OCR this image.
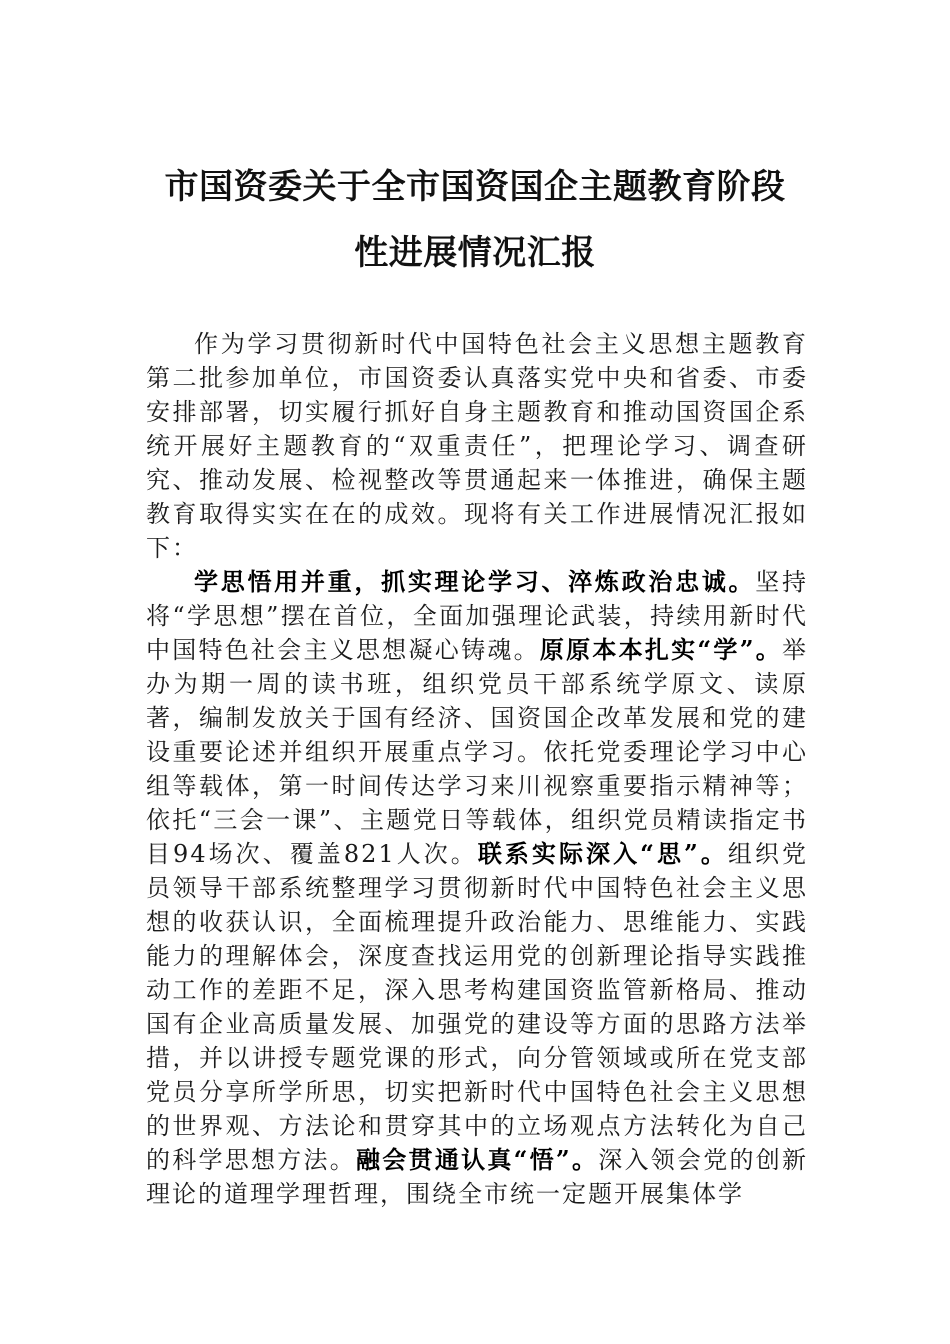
市国资委关于全市国资国企主题教育阶段
性进展情况汇报

作为学习贯彻新时代中国特色社会主义思想主题教育第二批参加单位，市国资委认真落实党中央和省委、市委安排部署，切实履行抓好自身主题教育和推动国资国企系统开展好主题教育的“双重责任”，把理论学习、调查研究、推动发展、检视整改等贯通起来一体推进，确保主题教育取得实实在在的成效。现将有关工作进展情况汇报如下：

学思悟用并重，抓实理论学习、淬炼政治忠诚。坚持将“学思想”摆在首位，全面加强理论武装，持续用新时代中国特色社会主义思想凝心铸魂。原原本本扎实“学”。举办为期一周的读书班，组织党员干部系统学原文、读原著，编制发放关于国有经济、国资国企改革发展和党的建设重要论述并组织开展重点学习。依托党委理论学习中心组等载体，第一时间传达学习来川视察重要指示精神等；依托“三会一课”、主题党日等载体，组织党员精读指定书目94场次、覆盖821人次。联系实际深入“思”。组织党员领导干部系统整理学习贯彻新时代中国特色社会主义思想的收获认识，全面梳理提升政治能力、思维能力、实践能力的理解体会，深度查找运用党的创新理论指导实践推动工作的差距不足，深入思考构建国资监管新格局、推动国有企业高质量发展、加强党的建设等方面的思路方法举措，并以讲授专题党课的形式，向分管领域或所在党支部党员分享所学所思，切实把新时代中国特色社会主义思想的世界观、方法论和贯穿其中的立场观点方法转化为自己的科学思想方法。融会贯通认真“悟”。深入领会党的创新理论的道理学理哲理，围绕全市统一定题开展集体学
